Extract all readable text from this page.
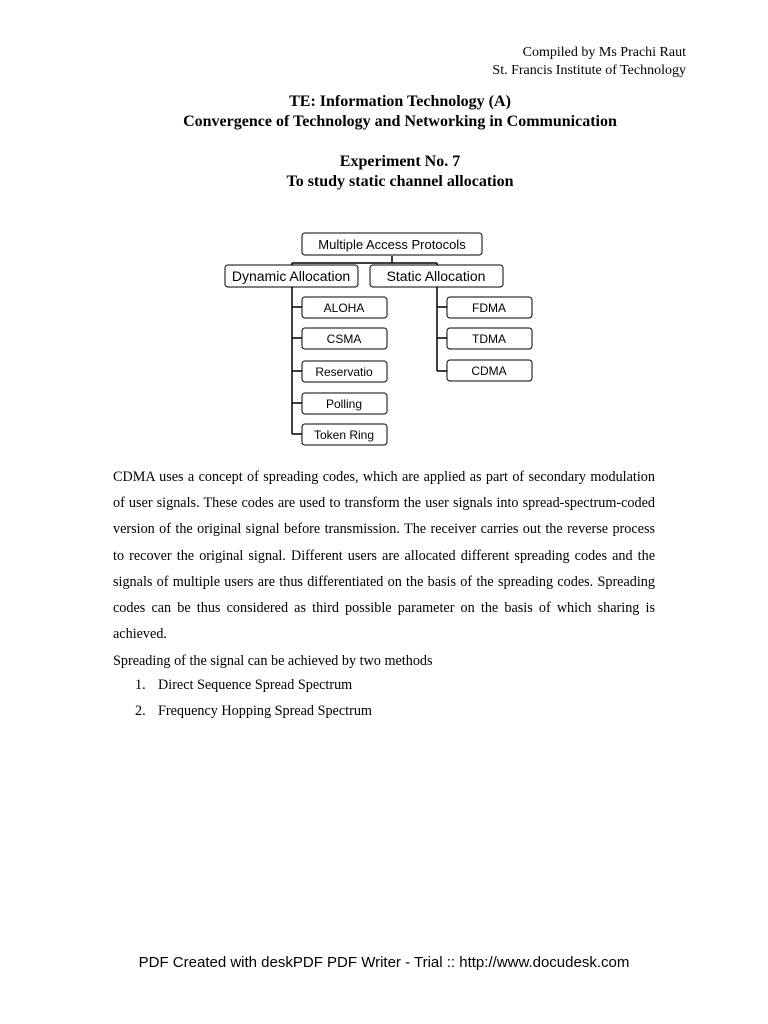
Compiled by Ms Prachi Raut
St. Francis Institute of Technology
TE: Information Technology (A)
Convergence of Technology and Networking in Communication
Experiment No. 7
To study static channel allocation
Multiple Access Protocols
Dynamic Allocation	Static Allocation
ALOHA
CSMA
Reservatio
Polling
Token Ring
FDMA
TDMA
CDMA

CDMA uses a concept of spreading codes, which are applied as part of secondary modulation of user signals. These codes are used to transform the user signals into spread-spectrum-coded version of the original signal before transmission. The receiver carries out the reverse process to recover the original signal. Different users are allocated different spreading codes and the signals of multiple users are thus differentiated on the basis of the spreading codes. Spreading codes can be thus considered as third possible parameter on the basis of which sharing is achieved.

Spreading of the signal can be achieved by two methods
1. Direct Sequence Spread Spectrum
2. Frequency Hopping Spread Spectrum
PDF Created with deskPDF PDF Writer - Trial :: http://www.docudesk.com
